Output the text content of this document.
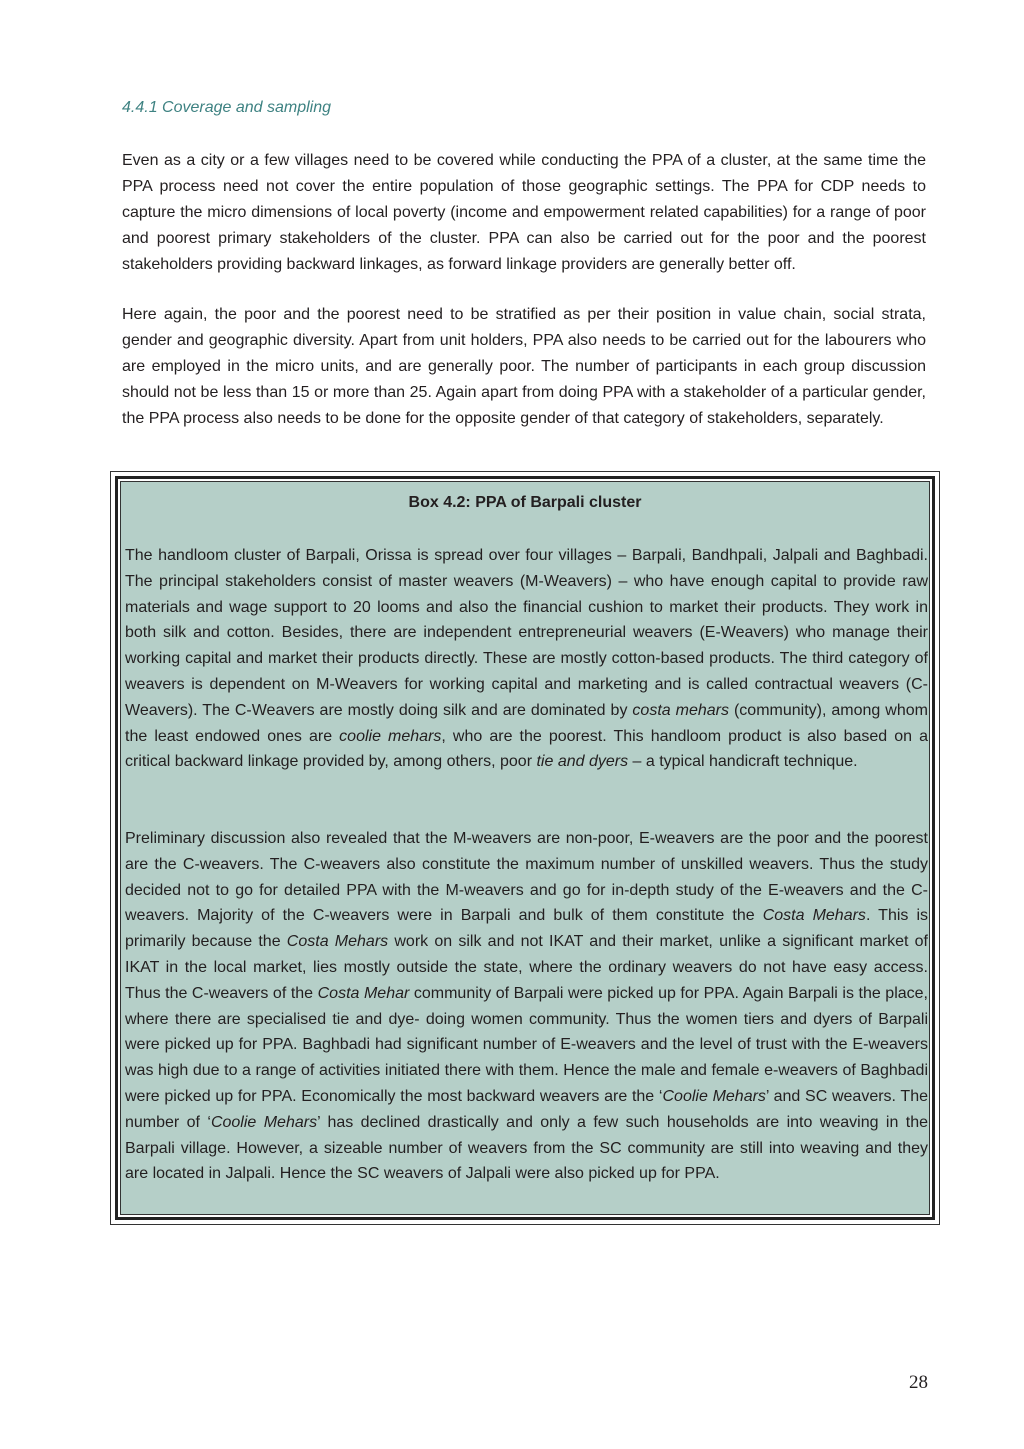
4.4.1 Coverage and sampling

Even as a city or a few villages need to be covered while conducting the PPA of a cluster, at the same time the PPA process need not cover the entire population of those geographic settings. The PPA for CDP needs to capture the micro dimensions of local poverty (income and empowerment related capabilities) for a range of poor and poorest primary stakeholders of the cluster. PPA can also be carried out for the poor and the poorest stakeholders providing backward linkages, as forward linkage providers are generally better off.

Here again, the poor and the poorest need to be stratified as per their position in value chain, social strata, gender and geographic diversity. Apart from unit holders, PPA also needs to be carried out for the labourers who are employed in the micro units, and are generally poor. The number of participants in each group discussion should not be less than 15 or more than 25. Again apart from doing PPA with a stakeholder of a particular gender, the PPA process also needs to be done for the opposite gender of that category of stakeholders, separately.

Box 4.2: PPA of Barpali cluster

The handloom cluster of Barpali, Orissa is spread over four villages – Barpali, Bandhpali, Jalpali and Baghbadi. The principal stakeholders consist of master weavers (M-Weavers) – who have enough capital to provide raw materials and wage support to 20 looms and also the financial cushion to market their products. They work in both silk and cotton. Besides, there are independent entrepreneurial weavers (E-Weavers) who manage their working capital and market their products directly. These are mostly cotton-based products. The third category of weavers is dependent on M-Weavers for working capital and marketing and is called contractual weavers (C-Weavers). The C-Weavers are mostly doing silk and are dominated by costa mehars (community), among whom the least endowed ones are coolie mehars, who are the poorest. This handloom product is also based on a critical backward linkage provided by, among others, poor tie and dyers – a typical handicraft technique.

Preliminary discussion also revealed that the M-weavers are non-poor, E-weavers are the poor and the poorest are the C-weavers. The C-weavers also constitute the maximum number of unskilled weavers. Thus the study decided not to go for detailed PPA with the M-weavers and go for in-depth study of the E-weavers and the C-weavers. Majority of the C-weavers were in Barpali and bulk of them constitute the Costa Mehars. This is primarily because the Costa Mehars work on silk and not IKAT and their market, unlike a significant market of IKAT in the local market, lies mostly outside the state, where the ordinary weavers do not have easy access. Thus the C-weavers of the Costa Mehar community of Barpali were picked up for PPA. Again Barpali is the place, where there are specialised tie and dye- doing women community. Thus the women tiers and dyers of Barpali were picked up for PPA. Baghbadi had significant number of E-weavers and the level of trust with the E-weavers was high due to a range of activities initiated there with them. Hence the male and female e-weavers of Baghbadi were picked up for PPA. Economically the most backward weavers are the ‘Coolie Mehars’ and SC weavers. The number of ‘Coolie Mehars’ has declined drastically and only a few such households are into weaving in the Barpali village. However, a sizeable number of weavers from the SC community are still into weaving and they are located in Jalpali. Hence the SC weavers of Jalpali were also picked up for PPA.

28
